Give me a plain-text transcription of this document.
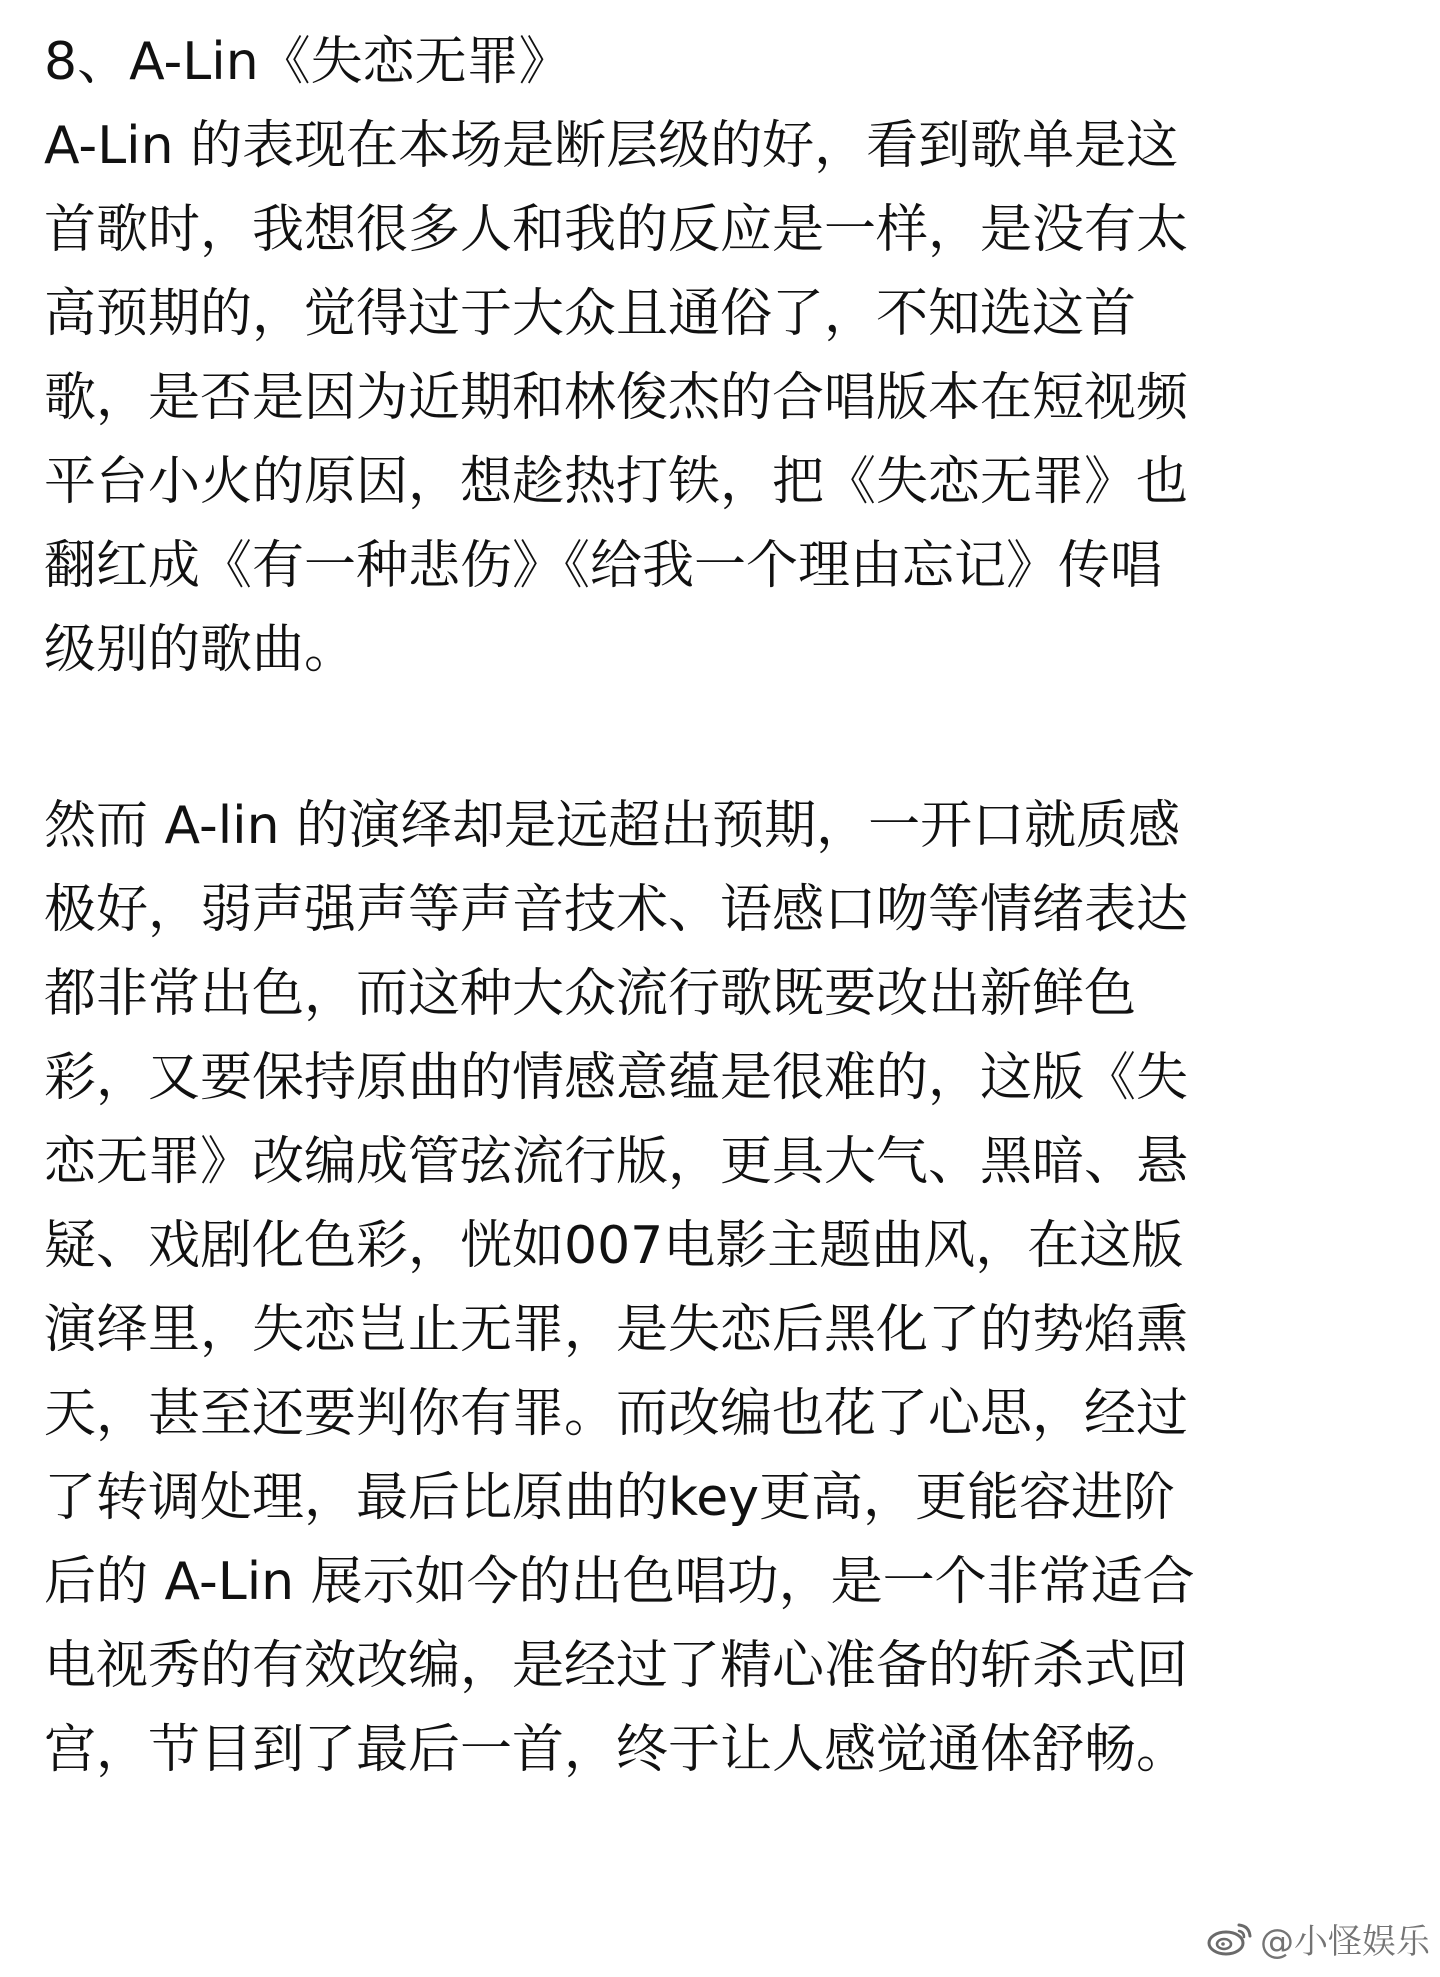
8、A-Lin《失恋无罪》
A-Lin 的表现在本场是断层级的好，看到歌单是这
首歌时，我想很多人和我的反应是一样，是没有太
高预期的，觉得过于大众且通俗了，不知选这首
歌，是否是因为近期和林俊杰的合唱版本在短视频
平台小火的原因，想趁热打铁，把《失恋无罪》也
翻红成《有一种悲伤》《给我一个理由忘记》传唱
级别的歌曲。
然而 A-lin 的演绎却是远超出预期，一开口就质感
极好，弱声强声等声音技术、语感口吻等情绪表达
都非常出色，而这种大众流行歌既要改出新鲜色
彩，又要保持原曲的情感意蕴是很难的，这版《失
恋无罪》改编成管弦流行版，更具大气、黑暗、悬
疑、戏剧化色彩，恍如007电影主题曲风，在这版
演绎里，失恋岂止无罪，是失恋后黑化了的势焰熏
天，甚至还要判你有罪。而改编也花了心思，经过
了转调处理，最后比原曲的key更高，更能容进阶
后的 A-Lin 展示如今的出色唱功，是一个非常适合
电视秀的有效改编，是经过了精心准备的斩杀式回
宫，节目到了最后一首，终于让人感觉通体舒畅。
@小怪娱乐
